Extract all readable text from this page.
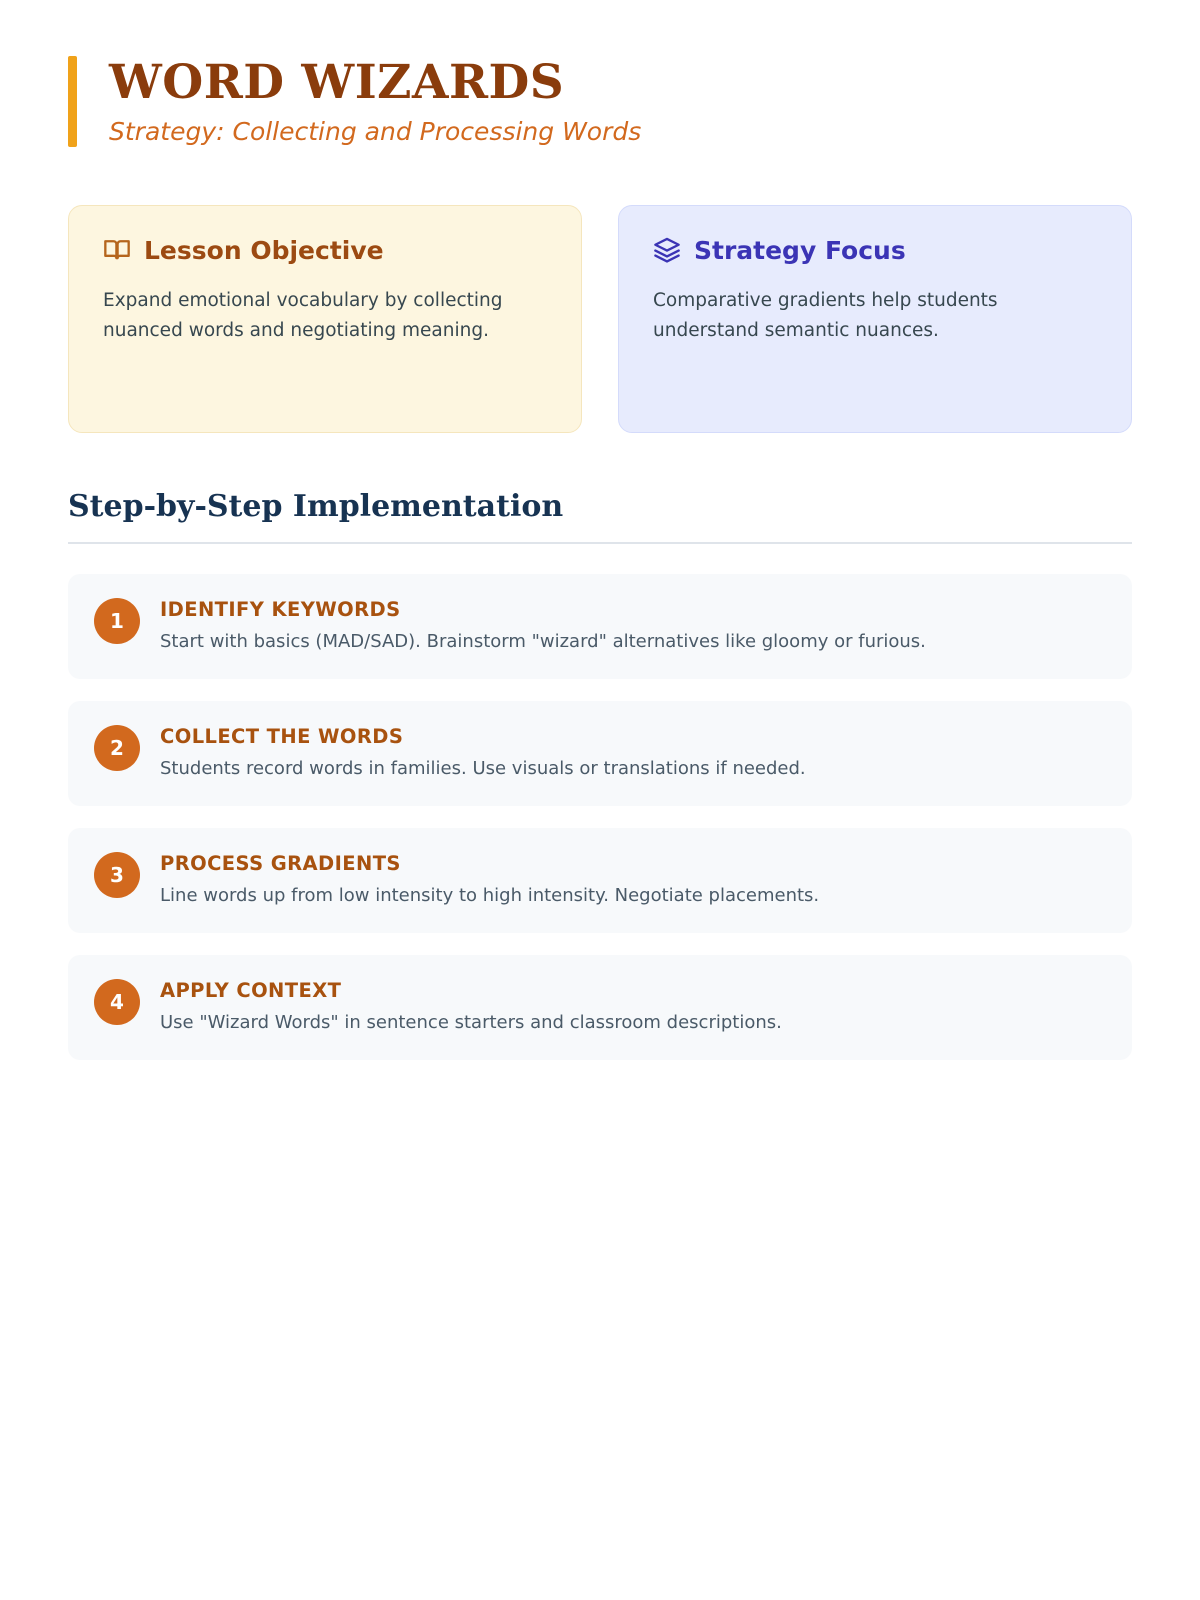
WORD WIZARDS

Strategy: Collecting and Processing Words

Lesson Objective
Expand emotional vocabulary by collecting nuanced words and negotiating meaning.
Strategy Focus
Comparative gradients help students understand semantic nuances.
Step-by-Step Implementation
1	IDENTIFY KEYWORDS
Start with basics (MAD/SAD). Brainstorm "wizard" alternatives like gloomy or furious.
2	COLLECT THE WORDS
Students record words in families. Use visuals or translations if needed.
3	PROCESS GRADIENTS
Line words up from low intensity to high intensity. Negotiate placements.
4	APPLY CONTEXT
Use "Wizard Words" in sentence starters and classroom descriptions.
